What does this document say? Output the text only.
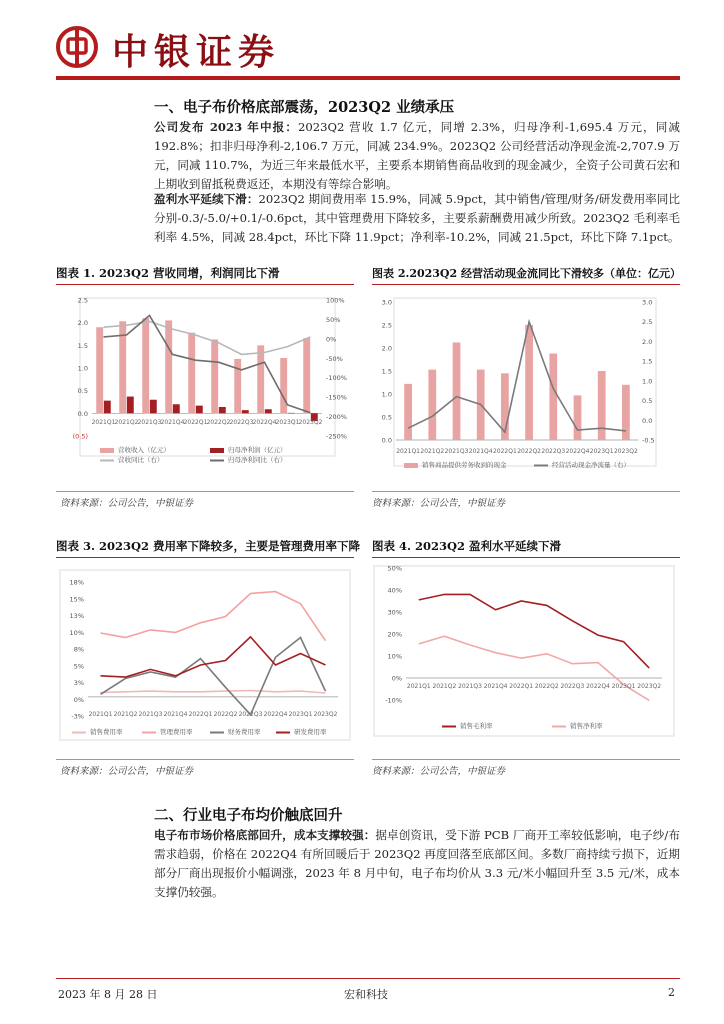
中银证券
一、电子布价格底部震荡，2023Q2 业绩承压
公司发布 2023 年中报：2023Q2 营收 1.7 亿元，同增 2.3%，归母净利-1,695.4 万元，同减 192.8%；扣非归母净利-2,106.7 万元，同减 234.9%。2023Q2 公司经营活动净现金流-2,707.9 万元，同减 110.7%，为近三年来最低水平，主要系本期销售商品收到的现金减少，全资子公司黄石宏和上期收到留抵税费返还，本期没有等综合影响。
盈利水平延续下滑：2023Q2 期间费用率 15.9%，同减 5.9pct，其中销售/管理/财务/研发费用率同比分别-0.3/-5.0/+0.1/-0.6pct，其中管理费用下降较多，主要系薪酬费用减少所致。2023Q2 毛利率毛利率 4.5%，同减 28.4pct，环比下降 11.9pct；净利率-10.2%，同减 21.5pct，环比下降 7.1pct。
图表 1. 2023Q2 营收同增，利润同比下滑	图表 2.2023Q2 经营活动现金流同比下滑较多（单位：亿元）
(0.5)
0.0
0.5
1.0
1.5
2.0
2.5
-250%
-200%
-150%
-100%
-50%
0%
50%
100%
2021Q1 2021Q2 2021Q3 2021Q4 2022Q1 2022Q2 2022Q3 2022Q4 2023Q1 2023Q2
营收收入（亿元）	归母净利润（亿元）
营收同比（右）	归母净利同比（右）
0.0
0.5
1.0
1.5
2.0
2.5
3.0
-0.5
0.0
0.5
1.0
1.5
2.0
2.5
3.0
2021Q1 2021Q2 2021Q3 2021Q4 2022Q1 2022Q2 2022Q3 2022Q4 2023Q1 2023Q2
销售商品提供劳务收到的现金	经营活动现金净流量（右）
资料来源：公司公告，中银证券	资料来源：公司公告，中银证券
图表 3. 2023Q2 费用率下降较多，主要是管理费用率下降 图表 4. 2023Q2 盈利水平延续下滑
-3%
0%
3%
5%
8%
10%
13%
15%
18%
2021Q1 2021Q2 2021Q3 2021Q4 2022Q1 2022Q2 2022Q3 2022Q4 2023Q1 2023Q2
销售费用率	管理费用率	财务费用率	研发费用率
-10%
0%
10%
20%
30%
40%
50%
2021Q1 2021Q2 2021Q3 2021Q4 2022Q1 2022Q2 2022Q3 2022Q4 2023Q1 2023Q2
销售毛利率	销售净利率
资料来源：公司公告，中银证券	资料来源：公司公告，中银证券
二、行业电子布均价触底回升
电子布市场价格底部回升，成本支撑较强：据卓创资讯，受下游 PCB 厂商开工率较低影响，电子纱/布需求趋弱，价格在 2022Q4 有所回暖后于 2023Q2 再度回落至底部区间。多数厂商持续亏损下，近期部分厂商出现报价小幅调涨，2023 年 8 月中旬，电子布均价从 3.3 元/米小幅回升至 3.5 元/米，成本支撑仍较强。
2023 年 8 月 28 日	宏和科技	2
